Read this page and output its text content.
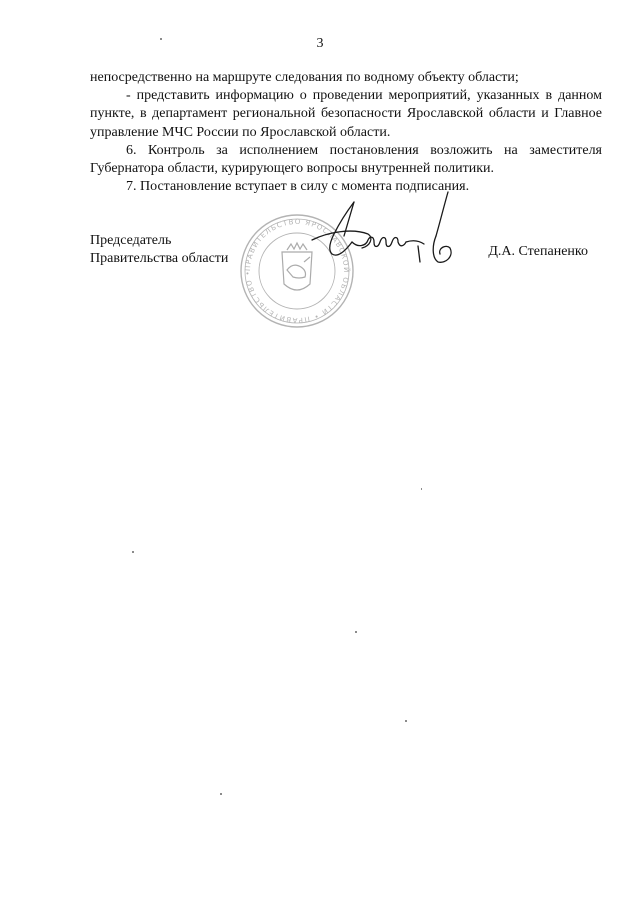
3

непосредственно на маршруте следования по водному объекту области;

- представить информацию о проведении мероприятий, указанных в данном пункте, в департамент региональной безопасности Ярославской области и Главное управление МЧС России по Ярославской области.

6. Контроль за исполнением постановления возложить на заместителя Губернатора области, курирующего вопросы внутренней политики.

7. Постановление вступает в силу с момента подписания.

ПРАВИТЕЛЬСТВО ЯРОСЛАВСКОЙ ОБЛАСТИ • ПРАВИТЕЛЬСТВО •
Председатель
Правительства области	Д.А. Степаненко
